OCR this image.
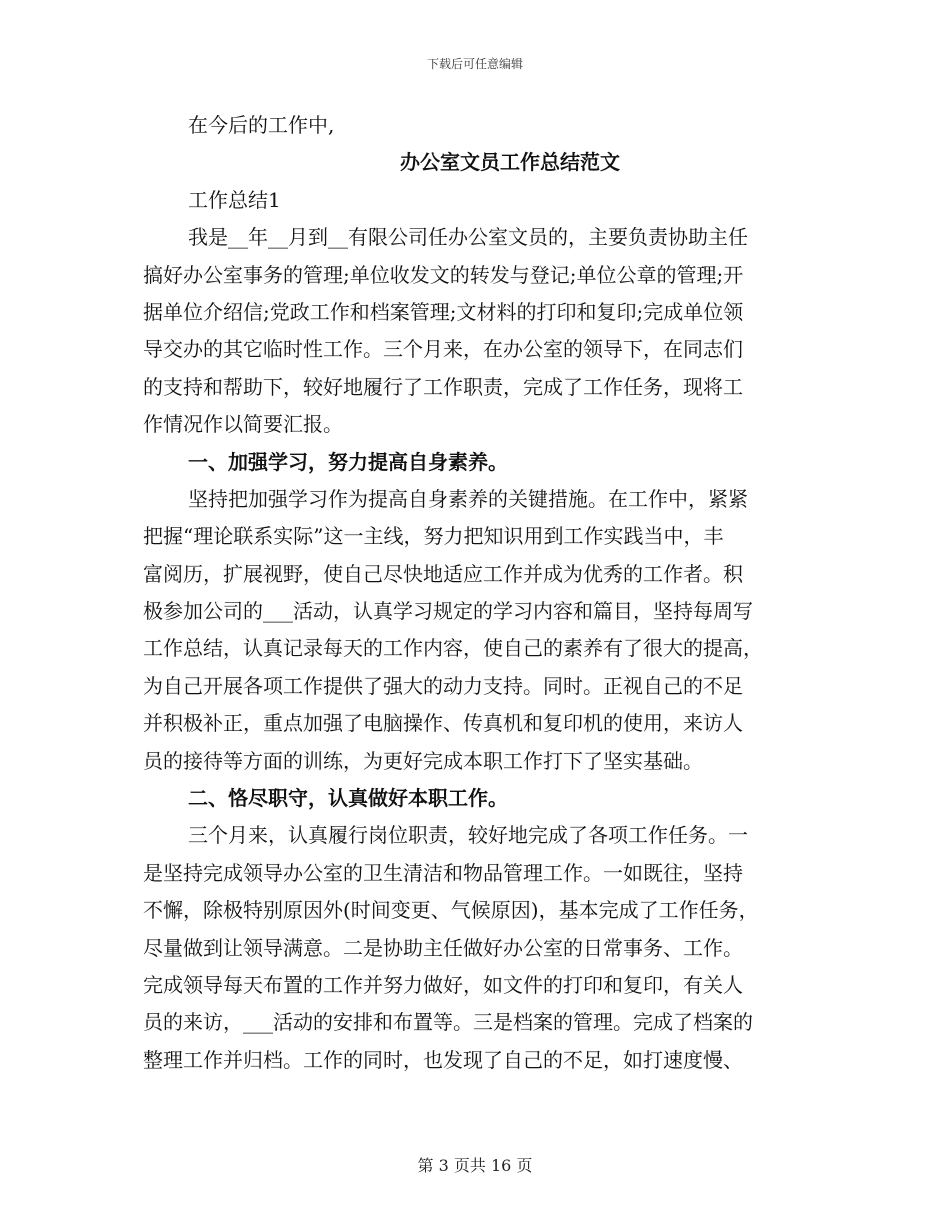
下载后可任意编辑
在今后的工作中,
办公室文员工作总结范文
工作总结1
我是__年__月到__有限公司任办公室文员的，主要负责协助主任
搞好办公室事务的管理;单位收发文的转发与登记;单位公章的管理;开
据单位介绍信;党政工作和档案管理;文材料的打印和复印;完成单位领
导交办的其它临时性工作。三个月来，在办公室的领导下，在同志们
的支持和帮助下，较好地履行了工作职责，完成了工作任务，现将工
作情况作以简要汇报。
一、加强学习，努力提高自身素养。
坚持把加强学习作为提高自身素养的关键措施。在工作中，紧紧
把握“理论联系实际”这一主线，努力把知识用到工作实践当中，丰
富阅历，扩展视野，使自己尽快地适应工作并成为优秀的工作者。积
极参加公司的___活动，认真学习规定的学习内容和篇目，坚持每周写
工作总结，认真记录每天的工作内容，使自己的素养有了很大的提高，
为自己开展各项工作提供了强大的动力支持。同时。正视自己的不足
并积极补正，重点加强了电脑操作、传真机和复印机的使用，来访人
员的接待等方面的训练，为更好完成本职工作打下了坚实基础。
二、恪尽职守，认真做好本职工作。
三个月来，认真履行岗位职责，较好地完成了各项工作任务。一
是坚持完成领导办公室的卫生清洁和物品管理工作。一如既往，坚持
不懈，除极特别原因外(时间变更、气候原因)，基本完成了工作任务，
尽量做到让领导满意。二是协助主任做好办公室的日常事务、工作。
完成领导每天布置的工作并努力做好，如文件的打印和复印，有关人
员的来访，___活动的安排和布置等。三是档案的管理。完成了档案的
整理工作并归档。工作的同时，也发现了自己的不足，如打速度慢、
第 3 页共 16 页
